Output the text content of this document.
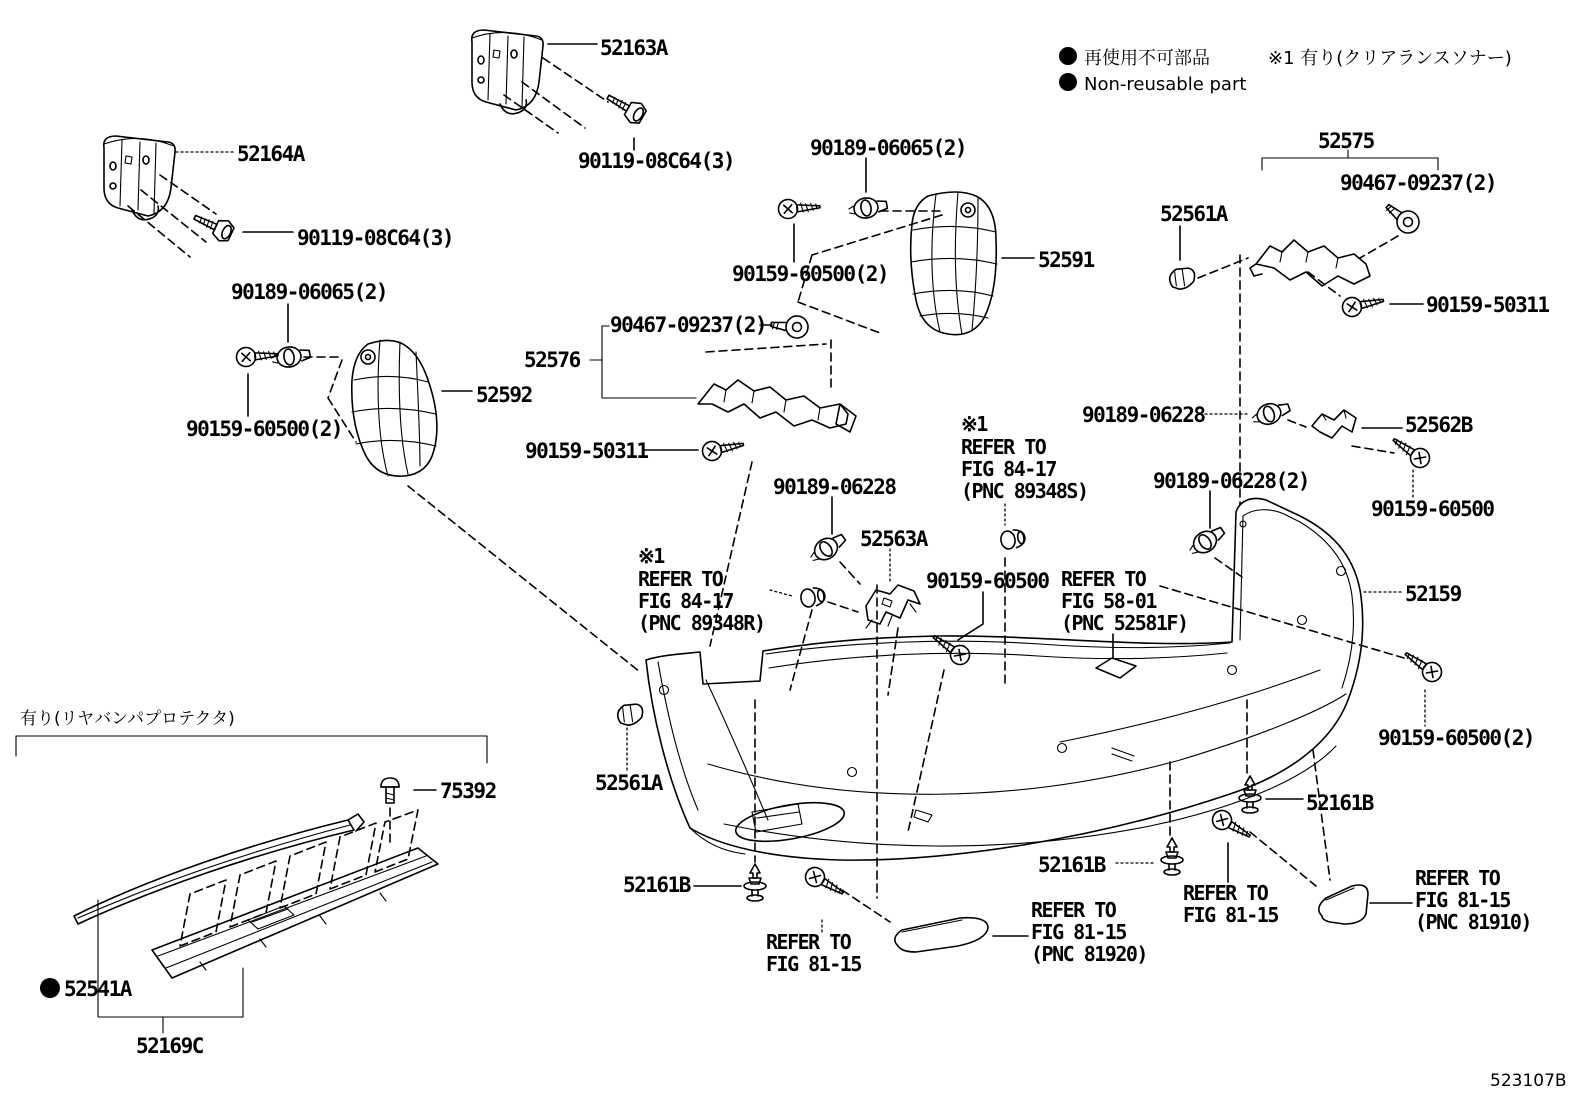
再使用不可部品
Non-reusable part
※1 有り(クリアランスソナー)
52164A
90119-08C64(3)
52163A
90119-08C64(3)
90189-06065(2)
90159-60500(2)
52591
52575
90467-09237(2)
52561A
90159-50311
90189-06065(2)
90159-60500(2)
52592
52576
90467-09237(2)
90159-50311
90189-06228	52562B
90159-60500
90189-06228(2)
※1
REFER TO
FIG 84-17
(PNC 89348S)
90189-06228
52563A
※1
REFER TO
FIG 84-17
(PNC 89348R)
90159-60500 REFER TO
FIG 58-01
(PNC 52581F)
52159
90159-60500(2)
52561A
52161B
REFER TO
FIG 81-15
REFER TO
FIG 81-15
(PNC 81920)
52161B
52161B
REFER TO
FIG 81-15
REFER TO
FIG 81-15
(PNC 81910)
有り(リヤバンパプロテクタ)
75392
52541A
52169C
523107B
